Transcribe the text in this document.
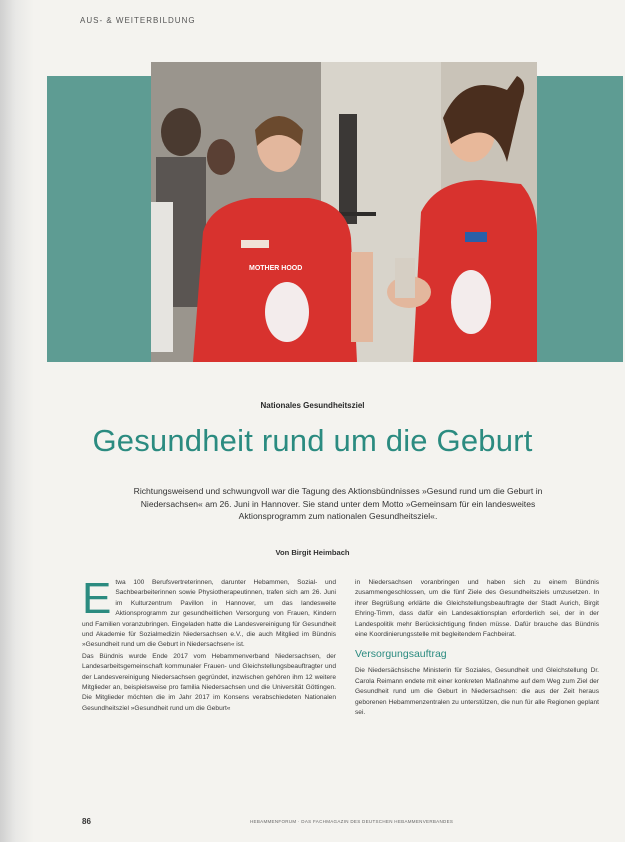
AUS- & WEITERBILDUNG
MOTHER HOOD
Nationales Gesundheitsziel
Gesundheit rund um die Geburt
Richtungsweisend und schwungvoll war die Tagung des Aktionsbündnisses »Gesund rund um die Geburt in Niedersachsen« am 26. Juni in Hannover. Sie stand unter dem Motto »Gemeinsam für ein landesweites Aktionsprogramm zum nationalen Gesundheitsziel«.
Von Birgit Heimbach
E twa 100 Berufsvertreterinnen, darunter Hebammen, Sozial- und Sachbearbeiterinnen sowie Physiotherapeutinnen, trafen sich am 26. Juni im Kulturzentrum Pavillon in Hannover, um das landesweite Aktionsprogramm zur gesundheitlichen Versorgung von Frauen, Kindern und Familien voranzubringen. Eingeladen hatte die Landesvereinigung für Gesundheit und Akademie für Sozialmedizin Niedersachsen e.V., die auch Mitglied im Bündnis »Gesundheit rund um die Geburt in Niedersachsen« ist.

Das Bündnis wurde Ende 2017 vom Hebammenverband Niedersachsen, der Landesarbeitsgemeinschaft kommunaler Frauen- und Gleichstellungsbeauftragter und der Landesvereinigung Niedersachsen gegründet, inzwischen gehören ihm 12 weitere Mitglieder an, beispielsweise pro familia Niedersachsen und die Universität Göttingen. Die Mitglieder möchten die im Jahr 2017 im Konsens verabschiedeten Nationalen Gesundheitsziel »Gesundheit rund um die Geburt«

in Niedersachsen voranbringen und haben sich zu einem Bündnis zusammengeschlossen, um die fünf Ziele des Gesundheitsziels umzusetzen. In ihrer Begrüßung erklärte die Gleichstellungsbeauftragte der Stadt Aurich, Birgit Ehring-Timm, dass dafür ein Landesaktionsplan erforderlich sei, der in der Landespolitik mehr Berücksichtigung finden müsse. Dafür brauche das Bündnis eine Koordinierungsstelle mit begleitendem Fachbeirat.

Versorgungsauftrag

Die Niedersächsische Ministerin für Soziales, Gesundheit und Gleichstellung Dr. Carola Reimann endete mit einer konkreten Maßnahme auf dem Weg zum Ziel der Gesundheit rund um die Geburt in Niedersachsen: die aus der Zeit heraus geborenen Hebammenzentralen zu unterstützen, die nun für alle Regionen geplant sei.

86	HEBAMMENFORUM · DAS FACHMAGAZIN DES DEUTSCHEN HEBAMMENVERBANDES
